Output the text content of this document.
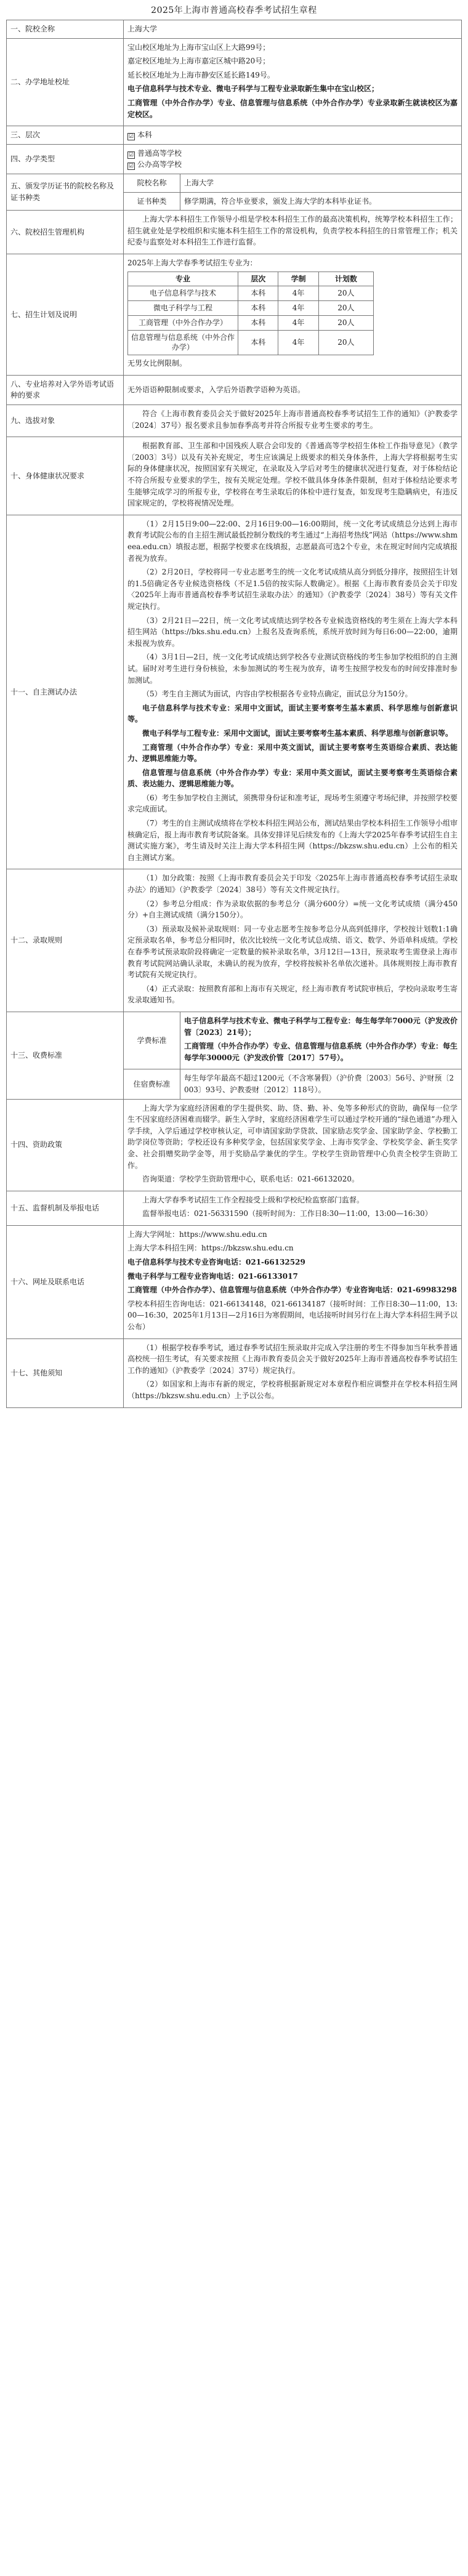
2025年上海市普通高校春季考试招生章程
一、院校全称	上海大学
二、办学地址校址	
宝山校区地址为上海市宝山区上大路99号；
嘉定校区地址为上海市嘉定区城中路20号；
延长校区地址为上海市静安区延长路149号。
电子信息科学与技术专业、微电子科学与工程专业录取新生集中在宝山校区；
工商管理（中外合作办学）专业、信息管理与信息系统（中外合作办学）专业录取新生就读校区为嘉定校区。

三、层次	☑ 本科
四、办学类型	☑ 普通高等学校
☑ 公办高等学校

五、颁发学历证书的院校名称及证书种类	院校名称	上海大学
证书种类	修学期满，符合毕业要求，颁发上海大学的本科毕业证书。
六、院校招生管理机构	
上海大学本科招生工作领导小组是学校本科招生工作的最高决策机构，统筹学校本科招生工作；招生就业处是学校组织和实施本科生招生工作的常设机构，负责学校本科招生的日常管理工作；机关纪委与监察处对本科招生工作进行监督。

七、招生计划及说明	
2025年上海大学春季考试招生专业为：
专业	层次	学制	计划数
电子信息科学与技术	本科	4年	20人
微电子科学与工程	本科	4年	20人
工商管理（中外合作办学）	本科	4年	20人
信息管理与信息系统（中外合作办学）	本科	4年	20人
无男女比例限制。

八、专业培养对入学外语考试语种的要求	无外语语种限制或要求，入学后外语教学语种为英语。
九、选拔对象	
符合《上海市教育委员会关于做好2025年上海市普通高校春季考试招生工作的通知》（沪教委学〔2024〕37号）报名要求且参加春季高考并符合所报专业考生要求的考生。

十、身体健康状况要求	
根据教育部、卫生部和中国残疾人联合会印发的《普通高等学校招生体检工作指导意见》（教学〔2003〕3号）以及有关补充规定，考生应该满足上级要求的相关身体条件，上海大学将根据考生实际的身体健康状况，按照国家有关规定，在录取及入学后对考生的健康状况进行复查，对于体检结论不符合所报专业要求的学生，按有关规定处理。学校不做具体身体条件限制，但对于体检结论要求考生能够完成学习的所报专业，学校将在考生录取后的体检中进行复查，如发现考生隐瞒病史，有违反国家规定的，学校将视情况处理。

十一、自主测试办法	
（1）2月15日9:00—22:00、2月16日9:00—16:00期间，统一文化考试成绩总分达到上海市教育考试院公布的自主招生测试最低控制分数线的考生通过“上海招考热线”网站（https://www.shmeea.edu.cn）填报志愿，根据学校要求在线填报，志愿最高可选2个专业，未在规定时间内完成填报者视为放弃。
（2）2月20日，学校将同一专业志愿考生的统一文化考试成绩从高分到低分排序，按照招生计划的1.5倍确定各专业候选资格线（不足1.5倍的按实际人数确定）。根据《上海市教育委员会关于印发〈2025年上海市普通高校春季考试招生录取办法〉的通知》（沪教委学〔2024〕38号）等有关文件规定执行。
（3）2月21日—22日，统一文化考试成绩达到学校各专业候选资格线的考生须在上海大学本科招生网站（https://bks.shu.edu.cn）上报名及查询系统，系统开放时间为每日6:00—22:00，逾期未报视为放弃。
（4）3月1日—2日，统一文化考试成绩达到学校各专业测试资格线的考生参加学校组织的自主测试。届时对考生进行身份核验，未参加测试的考生视为放弃，请考生按照学校发布的时间安排准时参加测试。
（5）考生自主测试为面试，内容由学校根据各专业特点确定，面试总分为150分。
电子信息科学与技术专业：采用中文面试，面试主要考察考生基本素质、科学思维与创新意识等。
微电子科学与工程专业：采用中文面试，面试主要考察考生基本素质、科学思维与创新意识等。
工商管理（中外合作办学）专业：采用中英文面试，面试主要考察考生英语综合素质、表达能力、逻辑思维能力等。
信息管理与信息系统（中外合作办学）专业：采用中英文面试，面试主要考察考生英语综合素质、表达能力、逻辑思维能力等。
（6）考生参加学校自主测试，须携带身份证和准考证，现场考生须遵守考场纪律，并按照学校要求完成面试。
（7）考生的自主测试成绩将在学校本科招生网站公布，测试结果由学校本科招生工作领导小组审核确定后，报上海市教育考试院备案。具体安排详见后续发布的《上海大学2025年春季考试招生自主测试实施方案》，考生请及时关注上海大学本科招生网（https://bkzsw.shu.edu.cn）上公布的相关自主测试方案。

十二、录取规则	
（1）加分政策：按照《上海市教育委员会关于印发〈2025年上海市普通高校春季考试招生录取办法〉的通知》（沪教委学〔2024〕38号）等有关文件规定执行。
（2）参考总分组成：作为录取依据的参考总分（满分600分）=统一文化考试成绩（满分450分）+自主测试成绩（满分150分）。
（3）预录取及候补录取规则：同一专业志愿考生按参考总分从高到低排序，学校按计划数1:1确定预录取名单，参考总分相同时，依次比较统一文化考试总成绩、语文、数学、外语单科成绩。学校在春季考试预录取阶段将确定一定数量的候补录取名单，3月12日—13日，预录取考生需登录上海市教育考试院网站确认录取，未确认的视为放弃，学校将按候补名单依次递补。具体规则按上海市教育考试院有关规定执行。
（4）正式录取：按照教育部和上海市有关规定，经上海市教育考试院审核后，学校向录取考生寄发录取通知书。

十三、收费标准	学费标准	
电子信息科学与技术专业、微电子科学与工程专业：每生每学年7000元（沪发改价管〔2023〕21号）；
工商管理（中外合作办学）专业、信息管理与信息系统（中外合作办学）专业：每生每学年30000元（沪发改价管〔2017〕57号）。

住宿费标准	每生每学年最高不超过1200元（不含寒暑假）（沪价费〔2003〕56号、沪财预〔2003〕93号、沪教委财〔2012〕118号）。
十四、资助政策	
上海大学为家庭经济困难的学生提供奖、助、贷、勤、补、免等多种形式的资助，确保每一位学生不因家庭经济困难而辍学。新生入学时，家庭经济困难学生可以通过学校开通的“绿色通道”办理入学手续，入学后通过学校审核认定，可申请国家助学贷款、国家励志奖学金、国家助学金、学校勤工助学岗位等资助；学校还设有多种奖学金，包括国家奖学金、上海市奖学金、学校奖学金、新生奖学金、社会捐赠奖助学金等，用于奖励品学兼优的学生。学校学生资助管理中心负责全校学生资助工作。
咨询渠道：学校学生资助管理中心，联系电话：021-66132020。

十五、监督机制及举报电话	
上海大学春季考试招生工作全程接受上级和学校纪检监察部门监督。
监督举报电话：021-56331590（接听时间为：工作日8:30—11:00，13:00—16:30）

十六、网址及联系电话	
上海大学网址：https://www.shu.edu.cn
上海大学本科招生网：https://bkzsw.shu.edu.cn
电子信息科学与技术专业咨询电话：021-66132529
微电子科学与工程专业咨询电话：021-66133017
工商管理（中外合作办学）、信息管理与信息系统（中外合作办学）专业咨询电话：021-69983298
学校本科招生咨询电话：021-66134148，021-66134187（接听时间：工作日8:30—11:00，13:00—16:30，2025年1月13日—2月16日为寒假期间，电话接听时间另行在上海大学本科招生网予以公布）

十七、其他须知	
（1）根据学校春季考试，通过春季考试招生预录取并完成入学注册的考生不得参加当年秋季普通高校统一招生考试，有关要求按照《上海市教育委员会关于做好2025年上海市普通高校春季考试招生工作的通知》（沪教委学〔2024〕37号）规定执行。
（2）如国家和上海市有新的规定，学校将根据新规定对本章程作相应调整并在学校本科招生网（https://bkzsw.shu.edu.cn）上予以公布。
